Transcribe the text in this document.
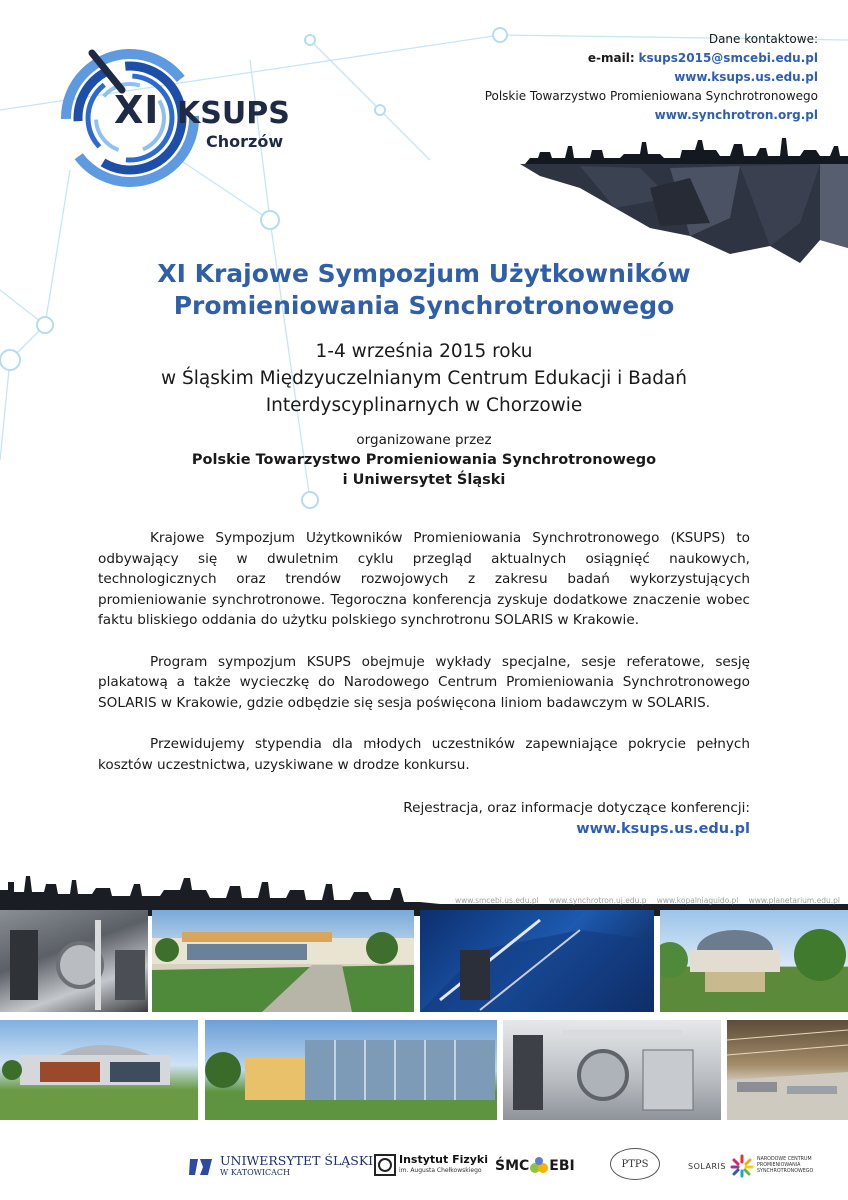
XI KSUPS
Chorzów
Dane kontaktowe:
e-mail: ksups2015@smcebi.edu.pl
www.ksups.us.edu.pl
Polskie Towarzystwo Promieniowana Synchrotronowego
www.synchrotron.org.pl
XI Krajowe Sympozjum Użytkowników
Promieniowania Synchrotronowego
1-4 września 2015 roku
w Śląskim Międzyuczelnianym Centrum Edukacji i Badań
Interdyscyplinarnych w Chorzowie
organizowane przez
Polskie Towarzystwo Promieniowania Synchrotronowego
i Uniwersytet Śląski

Krajowe Sympozjum Użytkowników Promieniowania Synchrotronowego (KSUPS) to odbywający się w dwuletnim cyklu przegląd aktualnych osiągnięć naukowych, technologicznych oraz trendów rozwojowych z zakresu badań wykorzystujących promieniowanie synchrotronowe. Tegoroczna konferencja zyskuje dodatkowe znaczenie wobec faktu bliskiego oddania do użytku polskiego synchrotronu SOLARIS w Krakowie.

Program sympozjum KSUPS obejmuje wykłady specjalne, sesje referatowe, sesję plakatową a także wycieczkę do Narodowego Centrum Promieniowania Synchrotronowego SOLARIS w Krakowie, gdzie odbędzie się sesja poświęcona liniom badawczym w SOLARIS.

Przewidujemy stypendia dla młodych uczestników zapewniające pokrycie pełnych kosztów uczestnictwa, uzyskiwane w drodze konkursu.

Rejestracja, oraz informacje dotyczące konferencji:
www.ksups.us.edu.pl
www.smcebi.us.edu.pl www.synchrotron.uj.edu.p www.kopalniaguido.pl www.planetarium.edu.pl
UNIWERSYTET ŚLĄSKI
W KATOWICACH
Instytut Fizyki
im. Augusta Chełkowskiego ŚMC EBI	PTPS	SOLARIS
NARODOWE CENTRUM
PROMIENIOWANIA
SYNCHROTRONOWEGO
